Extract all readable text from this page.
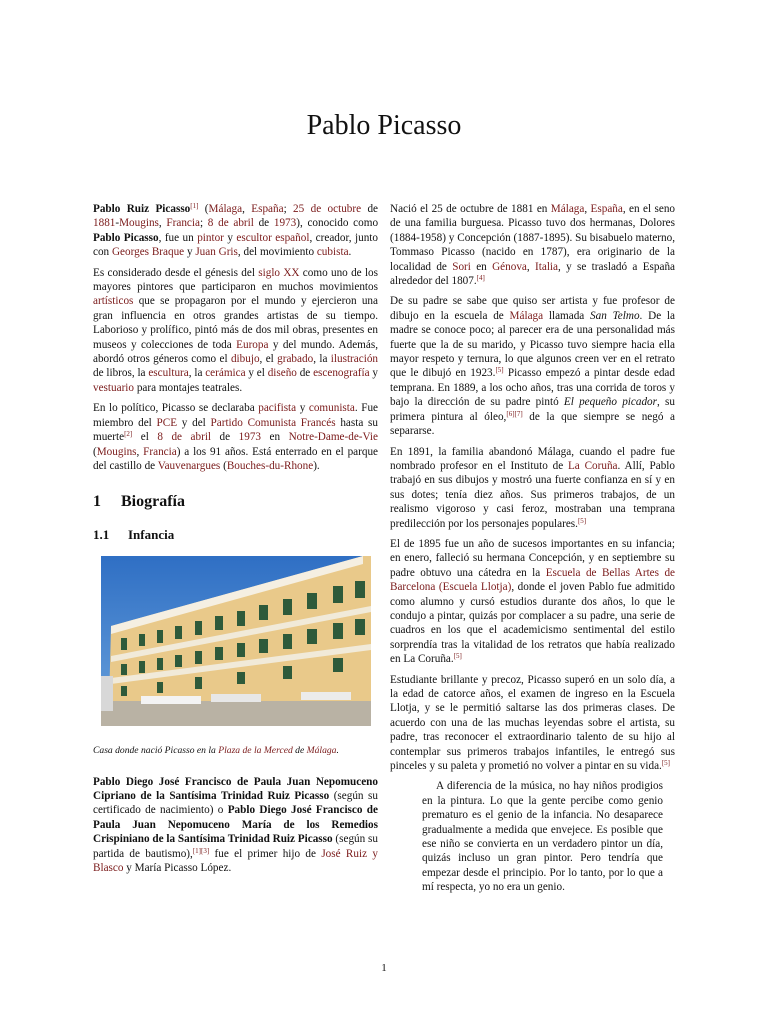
Pablo Picasso

Pablo Ruiz Picasso[1] (Málaga, España; 25 de octubre de 1881-Mougins, Francia; 8 de abril de 1973), conocido como Pablo Picasso, fue un pintor y escultor español, creador, junto con Georges Braque y Juan Gris, del movimiento cubista.

Es considerado desde el génesis del siglo XX como uno de los mayores pintores que participaron en muchos movimientos artísticos que se propagaron por el mundo y ejercieron una gran influencia en otros grandes artistas de su tiempo. Laborioso y prolífico, pintó más de dos mil obras, presentes en museos y colecciones de toda Europa y del mundo. Además, abordó otros géneros como el dibujo, el grabado, la ilustración de libros, la escultura, la cerámica y el diseño de escenografía y vestuario para montajes teatrales.

En lo político, Picasso se declaraba pacifista y comunista. Fue miembro del PCE y del Partido Comunista Francés hasta su muerte[2] el 8 de abril de 1973 en Notre-Dame-de-Vie (Mougins, Francia) a los 91 años. Está enterrado en el parque del castillo de Vauvenargues (Bouches-du-Rhone).

1 Biografía
1.1 Infancia
Casa donde nació Picasso en la Plaza de la Merced de Málaga.

Pablo Diego José Francisco de Paula Juan Nepomuceno Cipriano de la Santísima Trinidad Ruiz Picasso (según su certificado de nacimiento) o Pablo Diego José Francisco de Paula Juan Nepomuceno María de los Remedios Crispiniano de la Santísima Trinidad Ruiz Picasso (según su partida de bautismo),[1][3] fue el primer hijo de José Ruiz y Blasco y María Picasso López.

Nació el 25 de octubre de 1881 en Málaga, España, en el seno de una familia burguesa. Picasso tuvo dos hermanas, Dolores (1884-1958) y Concepción (1887-1895). Su bisabuelo materno, Tommaso Picasso (nacido en 1787), era originario de la localidad de Sori en Génova, Italia, y se trasladó a España alrededor del 1807.[4]

De su padre se sabe que quiso ser artista y fue profesor de dibujo en la escuela de Málaga llamada San Telmo. De la madre se conoce poco; al parecer era de una personalidad más fuerte que la de su marido, y Picasso tuvo siempre hacia ella mayor respeto y ternura, lo que algunos creen ver en el retrato que le dibujó en 1923.[5] Picasso empezó a pintar desde edad temprana. En 1889, a los ocho años, tras una corrida de toros y bajo la dirección de su padre pintó El pequeño picador, su primera pintura al óleo,[6][7] de la que siempre se negó a separarse.

En 1891, la familia abandonó Málaga, cuando el padre fue nombrado profesor en el Instituto de La Coruña. Allí, Pablo trabajó en sus dibujos y mostró una fuerte confianza en sí y en sus dotes; tenía diez años. Sus primeros trabajos, de un realismo vigoroso y casi feroz, mostraban una temprana predilección por los personajes populares.[5]

El de 1895 fue un año de sucesos importantes en su infancia; en enero, falleció su hermana Concepción, y en septiembre su padre obtuvo una cátedra en la Escuela de Bellas Artes de Barcelona (Escuela Llotja), donde el joven Pablo fue admitido como alumno y cursó estudios durante dos años, lo que le condujo a pintar, quizás por complacer a su padre, una serie de cuadros en los que el academicismo sentimental del estilo sorprendía tras la vitalidad de los retratos que había realizado en La Coruña.[5]

Estudiante brillante y precoz, Picasso superó en un solo día, a la edad de catorce años, el examen de ingreso en la Escuela Llotja, y se le permitió saltarse las dos primeras clases. De acuerdo con una de las muchas leyendas sobre el artista, su padre, tras reconocer el extraordinario talento de su hijo al contemplar sus primeros trabajos infantiles, le entregó sus pinceles y su paleta y prometió no volver a pintar en su vida.[5]

A diferencia de la música, no hay niños prodigios en la pintura. Lo que la gente percibe como genio prematuro es el genio de la infancia. No desaparece gradualmente a medida que envejece. Es posible que ese niño se convierta en un verdadero pintor un día, quizás incluso un gran pintor. Pero tendría que empezar desde el principio. Por lo tanto, por lo que a mí respecta, yo no era un genio.
1
